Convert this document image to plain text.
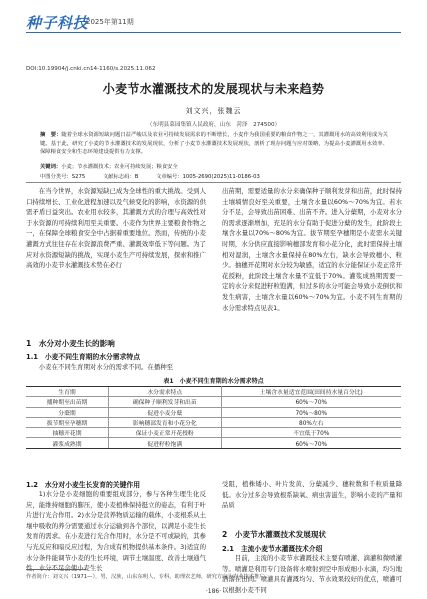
种子科技
2025年第11期
DOI:10.19904/j.cnki.cn14-1160/s.2025.11.062
小麦节水灌溉技术的发展现状与未来趋势
刘文兴，张魏云
（东明县菜园集镇人民政府，山东　菏泽　274500）
摘　要：随着全球水资源短缺问题日益严峻以及农业可持续发展需求的不断增长，小麦作为我国重要的粮食作物之一，其灌溉用水的高效利用成为关键。基于此，研究了小麦的节水灌溉技术的发展现状，分析了小麦节水灌溉技术发展现状，剖析了现存问题与应对策略，为提高小麦灌溉用水效率、保障粮食安全和生态环境建设提供有力支撑。
关键词：小麦；节水灌溉技术；农业可持续发展；粮食安全
中图分类号：S275	文献标志码：B	文章编号：1005-2690(2025)11-0186-03

在当今世界，水资源短缺已成为全球性的重大挑战。受到人口持续增长、工业化进程加速以及气候变化的影响，水资源的供需矛盾日益突出。农业用水较多，其灌溉方式的合理与高效性对于水资源的可持续利用至关重要。小麦作为世界主要粮食作物之一，在保障全球粮食安全中占据着重要地位。然而，传统的小麦灌溉方式往往存在水资源浪费严重、灌溉效率低下等问题。为了应对水资源短缺的挑战，实现小麦生产可持续发展，探索和推广高效的小麦节水灌溉技术势在必行

出苗期，需要适量的水分来确保种子顺利发芽和出苗，此时保持土壤墒情良好至关重要，土壤含水量以60%～70%为宜。若水分不足，会导致出苗困难、出苗不齐。进入分蘖期，小麦对水分的需求逐渐增加，充足的水分有助于促进分蘖的发生，此阶段土壤含水量以70%～80%为宜。拔节期至孕穗期是小麦需水关键时期，水分供应直接影响穗部发育和小花分化，此时需保持土壤相对湿润，土壤含水量保持在80%左右，缺水会导致穗小、粒少。抽穗开花期对水分较为敏感，适宜的水分能保证小麦正常开花授粉，此阶段土壤含水量不宜低于70%。灌浆成熟期需要一定的水分来促进籽粒饱满，但过多的水分可能会导致小麦倒伏和发生病害，土壤含水量以60%～70%为宜。小麦不同生育期的水分需求特点见表1。

1　水分对小麦生长的影响
1.1　小麦不同生育期的水分需求特点

小麦在不同生育期对水分的需求不同。在播种至

表1　小麦不同生育期的水分需求特点
生育期	水分需求特点	土壤含水量适宜范围(田间持水量百分比)
播种期至出苗期	确保种子顺利发芽和出苗	60%～70%
分蘖期	促进小麦分蘖	70%～80%
拔节期至孕穗期	影响穗部发育和小花分化	80%左右
抽穗开花期	保证小麦正常开花授粉	不宜低于70%
灌浆成熟期	促进籽粒饱满	60%～70%
1.2　水分对小麦生长发育的关键作用

1)水分是小麦细胞的重要组成部分，参与各种生理生化反应，能维持细胞的膨压，使小麦植株保持挺立的姿态，有利于叶片进行光合作用。2)水分是营养物质运输的载体，小麦根系从土壤中吸收的养分需要通过水分运输到各个部位，以满足小麦生长发育的需求。在小麦进行光合作用时，水分是不可或缺的，其参与光反应和暗反应过程，为合成有机物提供基本条件。3)适宜的水分条件能调节小麦的生长环境，调节土壤温度、改善土壤通气性，水分不足会使小麦生长

受阻，植株矮小、叶片发黄、分蘖减少、穗粒数和千粒质量降低。水分过多会导致根系缺氧、病虫害滋生，影响小麦的产量和品质

2　小麦节水灌溉技术发展现状
2.1　主流小麦节水灌溉技术介绍

目前，主流的小麦节水灌溉技术主要有喷灌、滴灌和微喷灌等。喷灌是利用专门设备将水喷射到空中形成细小水滴，均匀地洒落在田间。喷灌具有灌溉均匀、节水效果较好的优点，喷灌可以根据小麦不同

作者简介：刘文兴（1971—），男，汉族，山东东明人，专科，助理农艺师，研究方向为农业技术推广。
·186·
